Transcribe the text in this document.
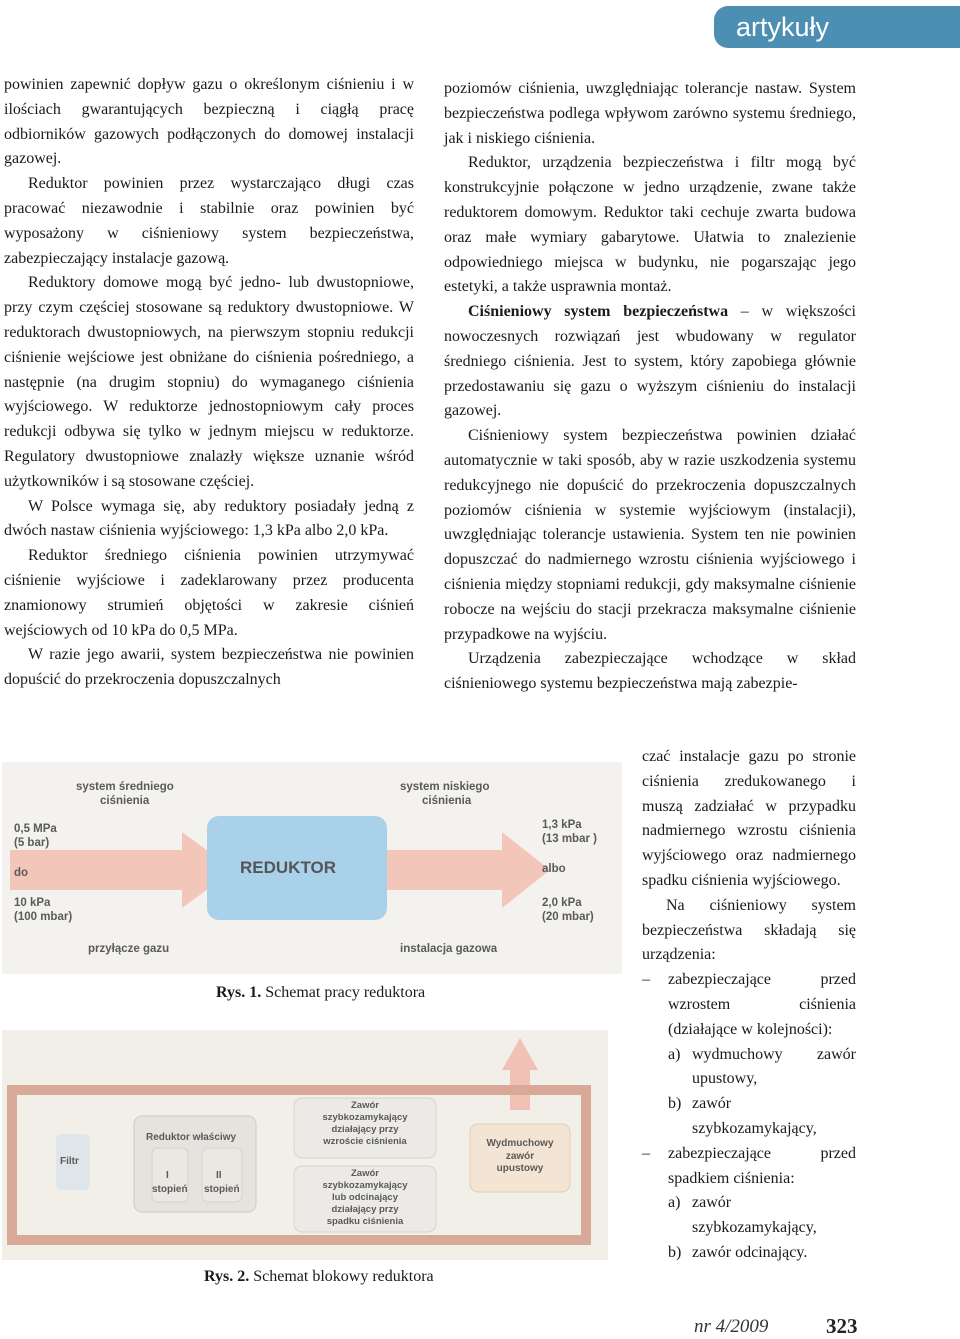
artykuły

powinien zapewnić dopływ gazu o określonym ciśnieniu i w ilościach gwarantujących bezpieczną i ciągłą pracę odbiorników gazowych podłączonych do domowej instalacji gazowej.

Reduktor powinien przez wystarczająco długi czas pracować niezawodnie i stabilnie oraz powinien być wyposażony w ciśnieniowy system bezpieczeństwa, zabezpieczający instalacje gazową.

Reduktory domowe mogą być jedno- lub dwustopniowe, przy czym częściej stosowane są reduktory dwustopniowe. W reduktorach dwustopniowych, na pierwszym stopniu redukcji ciśnienie wejściowe jest obniżane do ciśnienia pośredniego, a następnie (na drugim stopniu) do wymaganego ciśnienia wyjściowego. W reduktorze jednostopniowym cały proces redukcji odbywa się tylko w jednym miejscu w reduktorze. Regulatory dwustopniowe znalazły większe uznanie wśród użytkowników i są stosowane częściej.

W Polsce wymaga się, aby reduktory posiadały jedną z dwóch nastaw ciśnienia wyjściowego: 1,3 kPa albo 2,0 kPa.

Reduktor średniego ciśnienia powinien utrzymywać ciśnienie wyjściowe i zadeklarowany przez producenta znamionowy strumień objętości w zakresie ciśnień wejściowych od 10 kPa do 0,5 MPa.

W razie jego awarii, system bezpieczeństwa nie powinien dopuścić do przekroczenia dopuszczalnych

poziomów ciśnienia, uwzględniając tolerancje nastaw. System bezpieczeństwa podlega wpływom zarówno systemu średniego, jak i niskiego ciśnienia.

Reduktor, urządzenia bezpieczeństwa i filtr mogą być konstrukcyjnie połączone w jedno urządzenie, zwane także reduktorem domowym. Reduktor taki cechuje zwarta budowa oraz małe wymiary gabarytowe. Ułatwia to znalezienie odpowiedniego miejsca w budynku, nie pogarszając jego estetyki, a także usprawnia montaż.

Ciśnieniowy system bezpieczeństwa – w większości nowoczesnych rozwiązań jest wbudowany w regulator średniego ciśnienia. Jest to system, który zapobiega głównie przedostawaniu się gazu o wyższym ciśnieniu do instalacji gazowej.

Ciśnieniowy system bezpieczeństwa powinien działać automatycznie w taki sposób, aby w razie uszkodzenia systemu redukcyjnego nie dopuścić do przekroczenia dopuszczalnych poziomów ciśnienia w systemie wyjściowym (instalacji), uwzględniając tolerancje ustawienia. System ten nie powinien dopuszczać do nadmiernego wzrostu ciśnienia wyjściowego i ciśnienia między stopniami redukcji, gdy maksymalne ciśnienie robocze na wejściu do stacji przekracza maksymalne ciśnienie przypadkowe na wyjściu.

Urządzenia zabezpieczające wchodzące w skład ciśnieniowego systemu bezpieczeństwa mają zabezpie-

czać instalacje gazu po stronie ciśnienia zredukowanego i muszą zadziałać w przypadku nadmiernego wzrostu ciśnienia wyjściowego oraz nadmiernego spadku ciśnienia wyjściowego.

Na ciśnieniowy system bezpieczeństwa składają się urządzenia:

– zabezpieczające przed wzrostem ciśnienia (działające w kolejności):

a) wydmuchowy zawór upustowy,

b) zawór szybkozamykający,

– zabezpieczające przed spadkiem ciśnienia:

a) zawór szybkozamykający,

b) zawór odcinający.

system średniego
ciśnienia
system niskiego
ciśnienia
0,5 MPa
(5 bar)
do
10 kPa
(100 mbar)
REDUKTOR
1,3 kPa
(13 mbar )
albo
2,0 kPa
(20 mbar)
przyłącze gazu	instalacja gazowa
Rys. 1. Schemat pracy reduktora
Filtr
Reduktor właściwy
I
stopień
II
stopień
Zawór
szybkozamykający
działający przy
wzroście ciśnienia
Zawór
szybkozamykający
lub odcinający
działający przy
spadku ciśnienia
Wydmuchowy
zawór
upustowy
Rys. 2. Schemat blokowy reduktora
nr 4/2009	323
